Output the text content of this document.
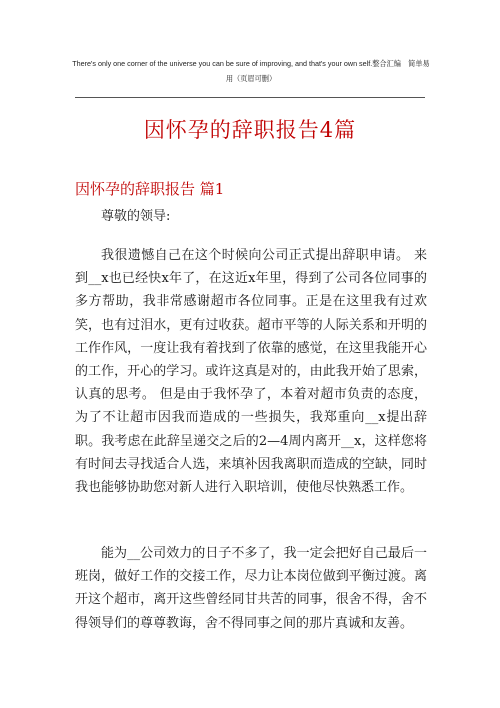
There's only one corner of the universe you can be sure of improving, and that's your own self.整合汇编　简单易用（页眉可删）
因怀孕的辞职报告4篇
因怀孕的辞职报告 篇1

尊敬的领导:

我很遗憾自己在这个时候向公司正式提出辞职申请。 来到__x也已经快x年了，在这近x年里，得到了公司各位同事的多方帮助，我非常感谢超市各位同事。正是在这里我有过欢笑，也有过泪水，更有过收获。超市平等的人际关系和开明的工作作风，一度让我有着找到了依靠的感觉，在这里我能开心的工作，开心的学习。或许这真是对的，由此我开始了思索，认真的思考。 但是由于我怀孕了，本着对超市负责的态度，为了不让超市因我而造成的一些损失，我郑重向__x提出辞职。我考虑在此辞呈递交之后的2—4周内离开__x，这样您将有时间去寻找适合人选，来填补因我离职而造成的空缺，同时我也能够协助您对新人进行入职培训，使他尽快熟悉工作。

能为__公司效力的日子不多了，我一定会把好自己最后一班岗，做好工作的交接工作，尽力让本岗位做到平衡过渡。离开这个超市，离开这些曾经同甘共苦的同事，很舍不得，舍不得领导们的尊尊教诲，舍不得同事之间的那片真诚和友善。
